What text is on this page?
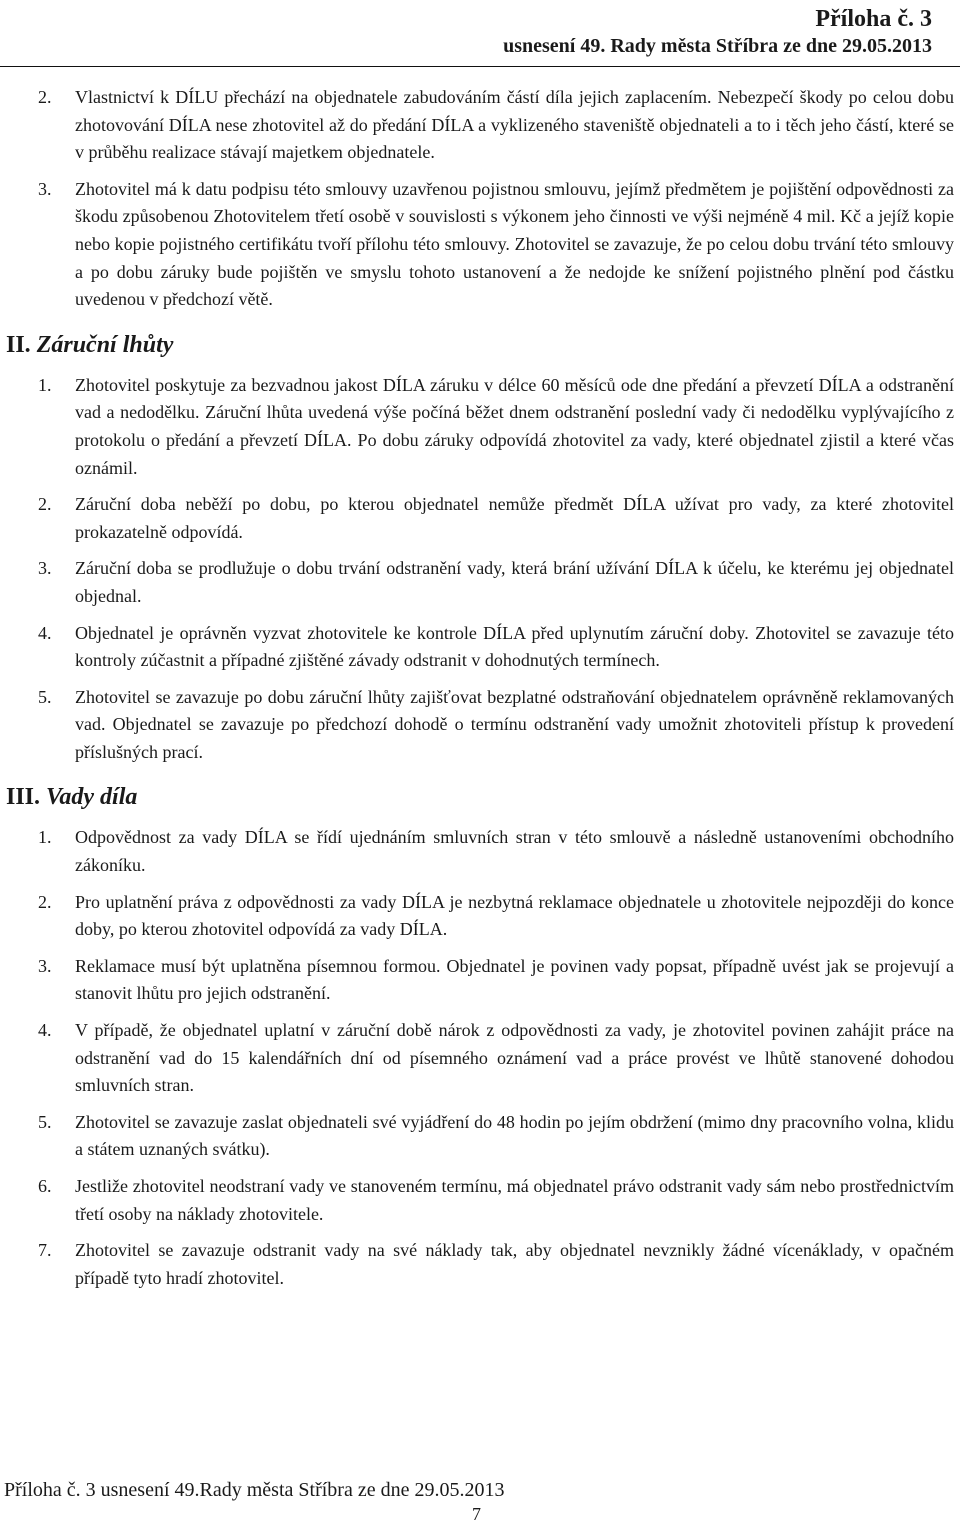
Příloha č. 3
usnesení 49. Rady města Stříbra ze dne 29.05.2013
2. Vlastnictví k DÍLU přechází na objednatele zabudováním částí díla jejich zaplacením. Nebezpečí škody po celou dobu zhotovování DÍLA nese zhotovitel až do předání DÍLA a vyklizeného staveniště objednateli a to i těch jeho částí, které se v průběhu realizace stávají majetkem objednatele.
3. Zhotovitel má k datu podpisu této smlouvy uzavřenou pojistnou smlouvu, jejímž předmětem je pojištění odpovědnosti za škodu způsobenou Zhotovitelem třetí osobě v souvislosti s výkonem jeho činnosti ve výši nejméně 4 mil. Kč a jejíž kopie nebo kopie pojistného certifikátu tvoří přílohu této smlouvy. Zhotovitel se zavazuje, že po celou dobu trvání této smlouvy a po dobu záruky bude pojištěn ve smyslu tohoto ustanovení a že nedojde ke snížení pojistného plnění pod částku uvedenou v předchozí větě.
II. Záruční lhůty
1. Zhotovitel poskytuje za bezvadnou jakost DÍLA záruku v délce 60 měsíců ode dne předání a převzetí DÍLA a odstranění vad a nedodělku. Záruční lhůta uvedená výše počíná běžet dnem odstranění poslední vady či nedodělku vyplývajícího z protokolu o předání a převzetí DÍLA. Po dobu záruky odpovídá zhotovitel za vady, které objednatel zjistil a které včas oznámil.
2. Záruční doba neběží po dobu, po kterou objednatel nemůže předmět DÍLA užívat pro vady, za které zhotovitel prokazatelně odpovídá.
3. Záruční doba se prodlužuje o dobu trvání odstranění vady, která brání užívání DÍLA k účelu, ke kterému jej objednatel objednal.
4. Objednatel je oprávněn vyzvat zhotovitele ke kontrole DÍLA před uplynutím záruční doby. Zhotovitel se zavazuje této kontroly zúčastnit a případné zjištěné závady odstranit v dohodnutých termínech.
5. Zhotovitel se zavazuje po dobu záruční lhůty zajišťovat bezplatné odstraňování objednatelem oprávněně reklamovaných vad. Objednatel se zavazuje po předchozí dohodě o termínu odstranění vady umožnit zhotoviteli přístup k provedení příslušných prací.
III. Vady díla
1. Odpovědnost za vady DÍLA se řídí ujednáním smluvních stran v této smlouvě a následně ustanoveními obchodního zákoníku.
2. Pro uplatnění práva z odpovědnosti za vady DÍLA je nezbytná reklamace objednatele u zhotovitele nejpozději do konce doby, po kterou zhotovitel odpovídá za vady DÍLA.
3. Reklamace musí být uplatněna písemnou formou. Objednatel je povinen vady popsat, případně uvést jak se projevují a stanovit lhůtu pro jejich odstranění.
4. V případě, že objednatel uplatní v záruční době nárok z odpovědnosti za vady, je zhotovitel povinen zahájit práce na odstranění vad do 15 kalendářních dní od písemného oznámení vad a práce provést ve lhůtě stanovené dohodou smluvních stran.
5. Zhotovitel se zavazuje zaslat objednateli své vyjádření do 48 hodin po jejím obdržení (mimo dny pracovního volna, klidu a státem uznaných svátku).
6. Jestliže zhotovitel neodstraní vady ve stanoveném termínu, má objednatel právo odstranit vady sám nebo prostřednictvím třetí osoby na náklady zhotovitele.
7. Zhotovitel se zavazuje odstranit vady na své náklady tak, aby objednatel nevznikly žádné vícenáklady, v opačném případě tyto hradí zhotovitel.
Příloha č. 3 usnesení 49.Rady města Stříbra ze dne 29.05.2013
7
